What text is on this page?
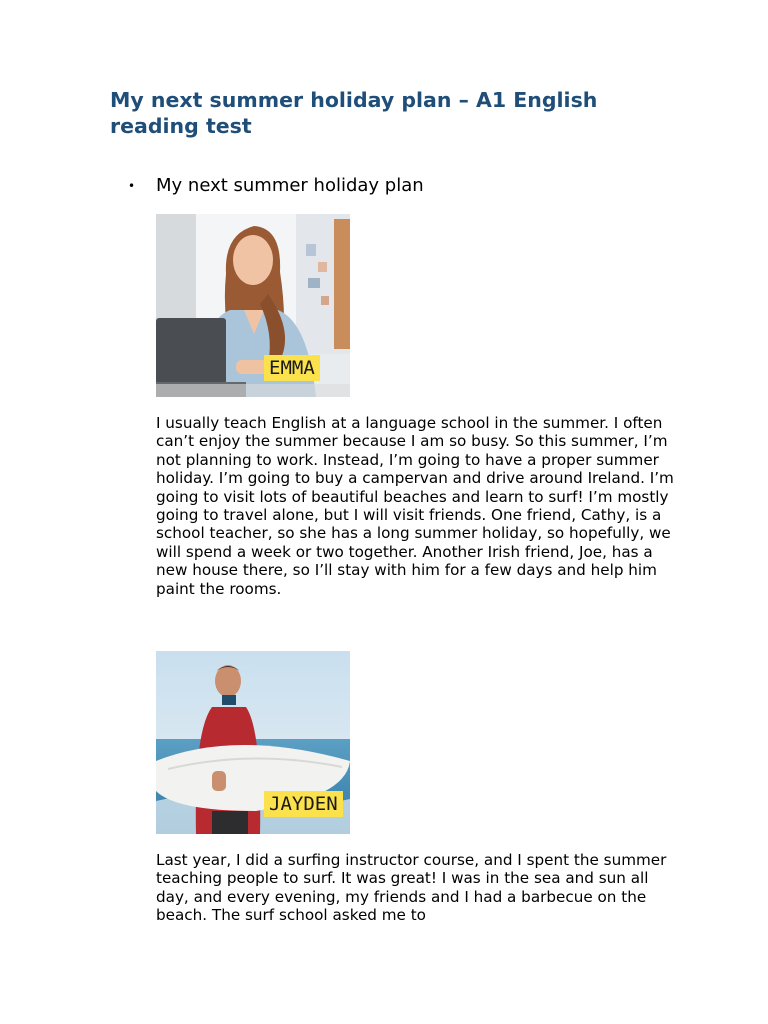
My next summer holiday plan – A1 English reading test
• My next summer holiday plan
EMMA

I usually teach English at a language school in the summer. I often can’t enjoy the summer because I am so busy. So this summer, I’m not planning to work. Instead, I’m going to have a proper summer holiday. I’m going to buy a campervan and drive around Ireland. I’m going to visit lots of beautiful beaches and learn to surf! I’m mostly going to travel alone, but I will visit friends. One friend, Cathy, is a school teacher, so she has a long summer holiday, so hopefully, we will spend a week or two together. Another Irish friend, Joe, has a new house there, so I’ll stay with him for a few days and help him paint the rooms.

JAYDEN

Last year, I did a surfing instructor course, and I spent the summer teaching people to surf. It was great! I was in the sea and sun all day, and every evening, my friends and I had a barbecue on the beach. The surf school asked me to
